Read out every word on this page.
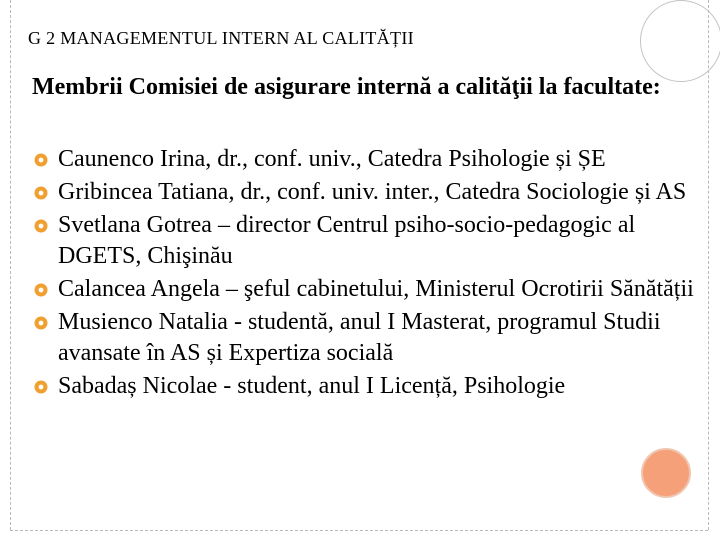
G 2 MANAGEMENTUL INTERN AL CALITĂȚII
Membrii Comisiei de asigurare internă a calităţii la facultate:
Caunenco Irina, dr., conf. univ., Catedra Psihologie și ȘE
Gribincea Tatiana, dr., conf. univ. inter., Catedra Sociologie și AS
Svetlana Gotrea – director Centrul psiho-socio-pedagogic al DGETS, Chişinău
Calancea Angela – şeful cabinetului, Ministerul Ocrotirii Sănătății
Musienco Natalia - studentă, anul I Masterat, programul Studii avansate în AS și Expertiza socială
Sabadaș Nicolae - student, anul I Licență, Psihologie
